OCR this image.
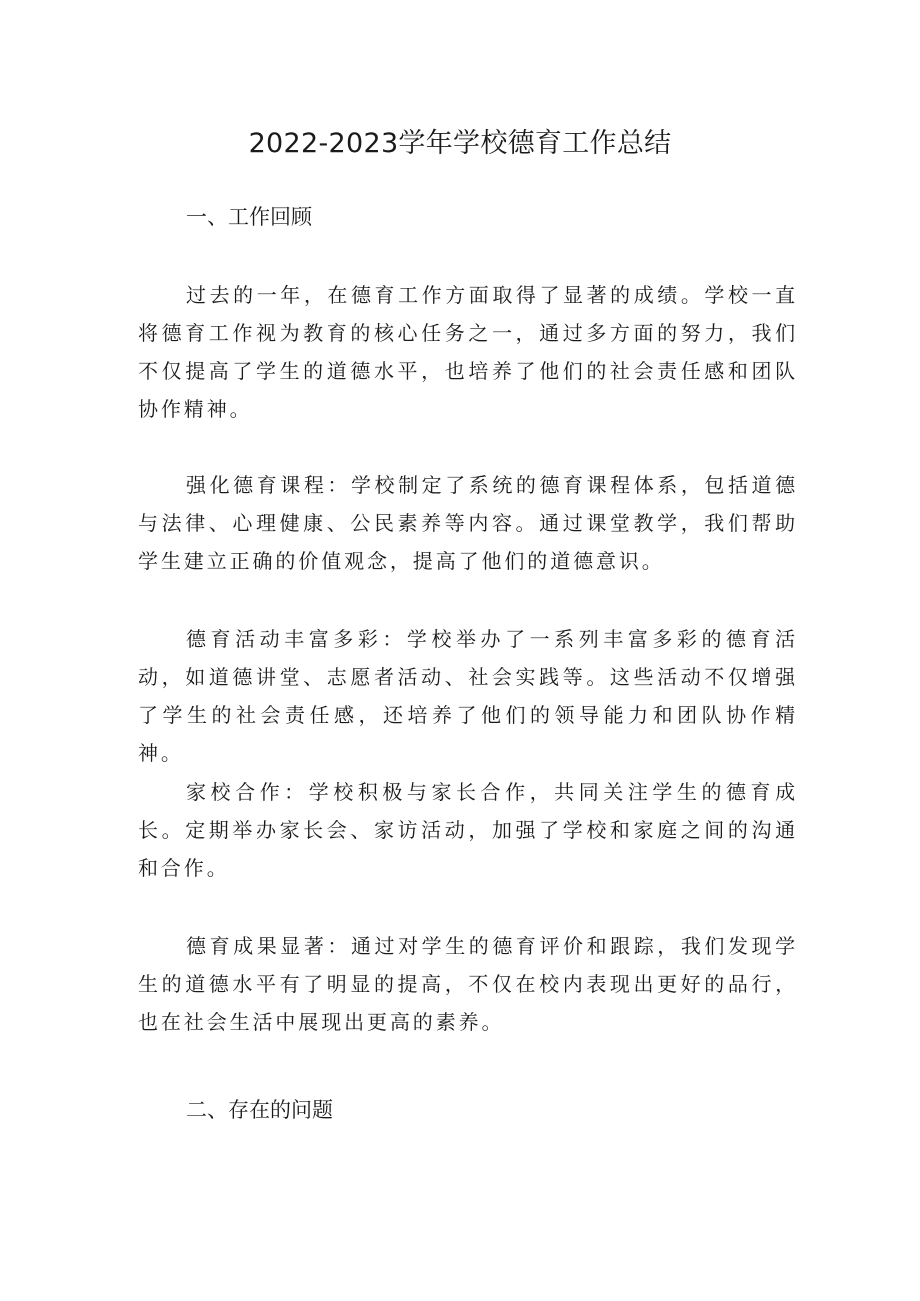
2022-2023学年学校德育工作总结
一、工作回顾

过去的一年，在德育工作方面取得了显著的成绩。学校一直将德育工作视为教育的核心任务之一，通过多方面的努力，我们不仅提高了学生的道德水平，也培养了他们的社会责任感和团队协作精神。

强化德育课程：学校制定了系统的德育课程体系，包括道德与法律、心理健康、公民素养等内容。通过课堂教学，我们帮助学生建立正确的价值观念，提高了他们的道德意识。

德育活动丰富多彩：学校举办了一系列丰富多彩的德育活动，如道德讲堂、志愿者活动、社会实践等。这些活动不仅增强了学生的社会责任感，还培养了他们的领导能力和团队协作精神。

家校合作：学校积极与家长合作，共同关注学生的德育成长。定期举办家长会、家访活动，加强了学校和家庭之间的沟通和合作。

德育成果显著：通过对学生的德育评价和跟踪，我们发现学生的道德水平有了明显的提高，不仅在校内表现出更好的品行，也在社会生活中展现出更高的素养。

二、存在的问题
